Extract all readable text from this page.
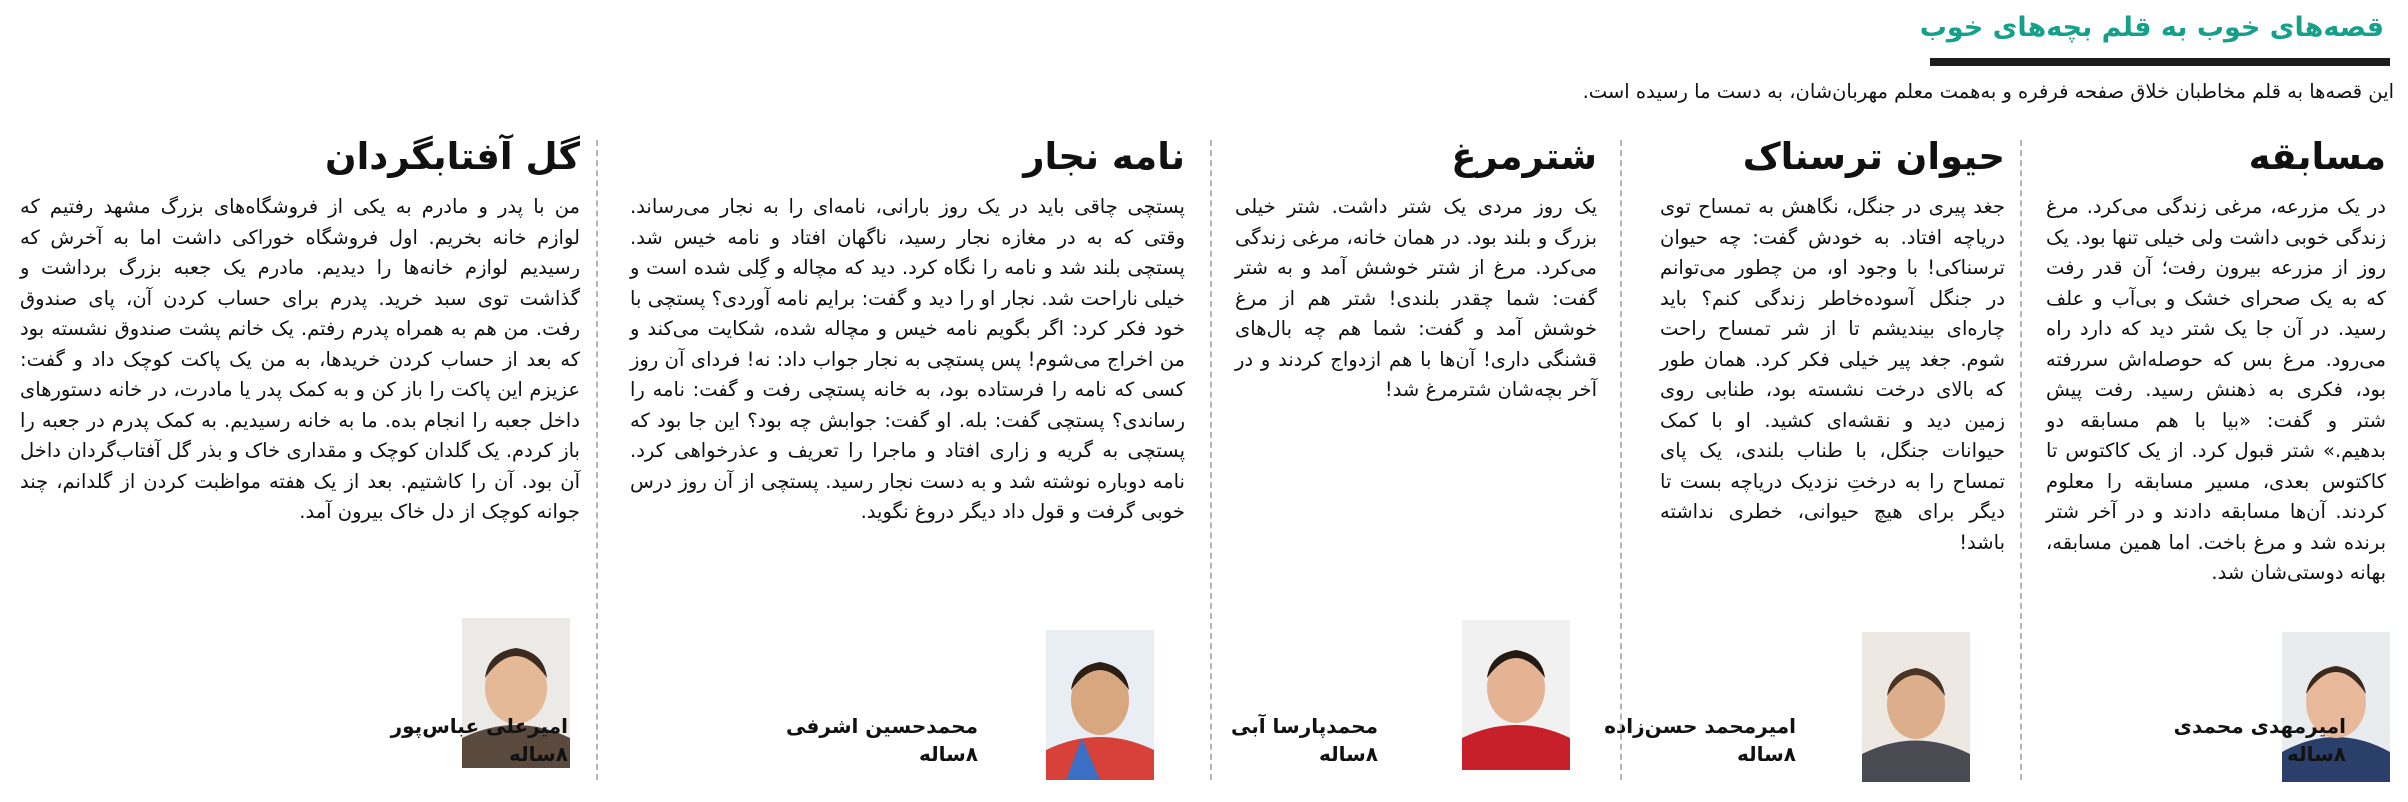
قصه‌های خوب به قلم بچه‌های خوب
این قصه‌ها به قلم مخاطبان خلاق صفحه فرفره و به‌همت معلم مهربان‌شان، به دست ما رسیده است.
مسابقه
در یک مزرعه، مرغی زندگی می‌کرد. مرغ زندگی خوبی داشت ولی خیلی تنها بود. یک روز از مزرعه بیرون رفت؛ آن قدر رفت که به یک صحرای خشک و بی‌آب و علف رسید. در آن جا یک شتر دید که دارد راه می‌رود. مرغ بس که حوصله‌اش سررفته بود، فکری به ذهنش رسید. رفت پیش شتر و گفت: «بیا با هم مسابقه دو بدهیم.» شتر قبول کرد. از یک کاکتوس تا کاکتوس بعدی، مسیر مسابقه را معلوم کردند. آن‌ها مسابقه دادند و در آخر شتر برنده شد و مرغ باخت. اما همین مسابقه، بهانه دوستی‌شان شد.
امیرمهدی محمدی
۸ساله
حیوان ترسناک
جغد پیری در جنگل، نگاهش به تمساح توی دریاچه افتاد. به خودش گفت: چه حیوان ترسناکی! با وجود او، من چطور می‌توانم در جنگل آسوده‌خاطر زندگی کنم؟ باید چاره‌ای بیندیشم تا از شر تمساح راحت شوم. جغد پیر خیلی فکر کرد. همان طور که بالای درخت نشسته بود، طنابی روی زمین دید و نقشه‌ای کشید. او با کمک حیوانات جنگل، با طناب بلندی، یک پای تمساح را به درختِ نزدیک دریاچه بست تا دیگر برای هیچ حیوانی، خطری نداشته باشد!
امیرمحمد حسن‌زاده
۸ساله
شترمرغ
یک روز مردی یک شتر داشت. شتر خیلی بزرگ و بلند بود. در همان خانه، مرغی زندگی می‌کرد. مرغ از شتر خوشش آمد و به شتر گفت: شما چقدر بلندی! شتر هم از مرغ خوشش آمد و گفت: شما هم چه بال‌های قشنگی داری! آن‌ها با هم ازدواج کردند و در آخر بچه‌شان شترمرغ شد!
محمدپارسا آبی
۸ساله
نامه نجار
پستچی چاقی باید در یک روز بارانی، نامه‌ای را به نجار می‌رساند. وقتی که به در مغازه نجار رسید، ناگهان افتاد و نامه خیس شد. پستچی بلند شد و نامه را نگاه کرد. دید که مچاله و گِلی شده است و خیلی ناراحت شد. نجار او را دید و گفت: برایم نامه آوردی؟ پستچی با خود فکر کرد: اگر بگویم نامه خیس و مچاله شده، شکایت می‌کند و من اخراج می‌شوم! پس پستچی به نجار جواب داد: نه! فردای آن روز کسی که نامه را فرستاده بود، به خانه پستچی رفت و گفت: نامه را رساندی؟ پستچی گفت: بله. او گفت: جوابش چه بود؟ این جا بود که پستچی به گریه و زاری افتاد و ماجرا را تعریف و عذرخواهی کرد. نامه دوباره نوشته شد و به دست نجار رسید. پستچی از آن روز درس خوبی گرفت و قول داد دیگر دروغ نگوید.
محمدحسین اشرفی
۸ساله
گل آفتابگردان
من با پدر و مادرم به یکی از فروشگاه‌های بزرگ مشهد رفتیم که لوازم خانه بخریم. اول فروشگاه خوراکی داشت اما به آخرش که رسیدیم لوازم خانه‌ها را دیدیم. مادرم یک جعبه بزرگ برداشت و گذاشت توی سبد خرید. پدرم برای حساب کردن آن، پای صندوق رفت. من هم به همراه پدرم رفتم. یک خانم پشت صندوق نشسته بود که بعد از حساب کردن خریدها، به من یک پاکت کوچک داد و گفت: عزیزم این پاکت را باز کن و به کمک پدر یا مادرت، در خانه دستورهای داخل جعبه را انجام بده. ما به خانه رسیدیم. به کمک پدرم در جعبه را باز کردم. یک گلدان کوچک و مقداری خاک و بذر گل آفتاب‌گردان داخل آن بود. آن را کاشتیم. بعد از یک هفته مواظبت کردن از گلدانم، چند جوانه کوچک از دل خاک بیرون آمد.
امیرعلی عباس‌پور
۸ساله
